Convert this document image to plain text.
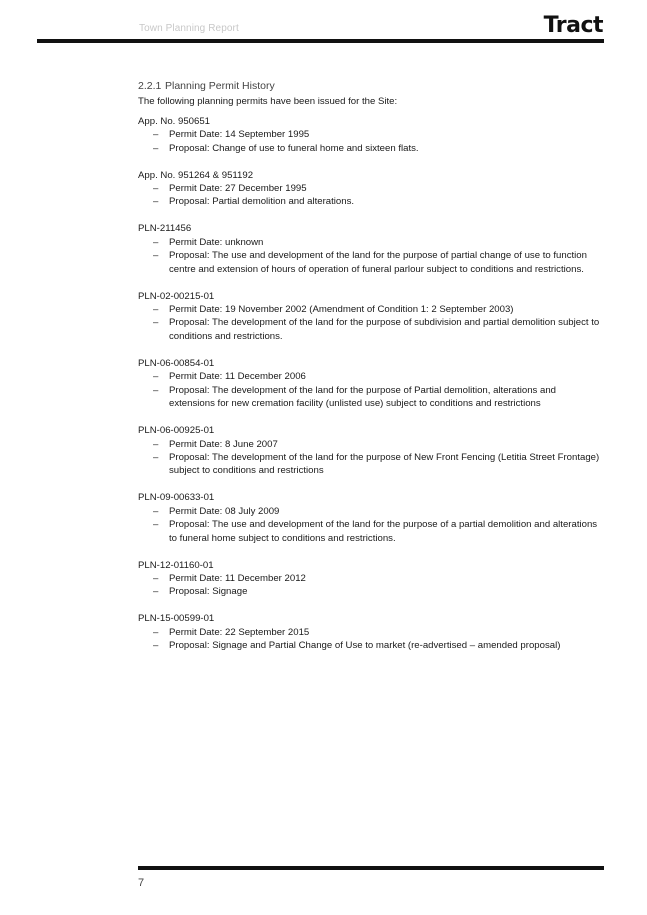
Town Planning Report	Tract
2.2.1 Planning Permit History
The following planning permits have been issued for the Site:
App. No. 950651
– Permit Date: 14 September 1995
– Proposal: Change of use to funeral home and sixteen flats.
App. No. 951264 & 951192
– Permit Date: 27 December 1995
– Proposal: Partial demolition and alterations.
PLN-211456
– Permit Date: unknown
– Proposal: The use and development of the land for the purpose of partial change of use to function centre and extension of hours of operation of funeral parlour subject to conditions and restrictions.
PLN-02-00215-01
– Permit Date: 19 November 2002 (Amendment of Condition 1: 2 September 2003)
– Proposal: The development of the land for the purpose of subdivision and partial demolition subject to conditions and restrictions.
PLN-06-00854-01
– Permit Date: 11 December 2006
– Proposal: The development of the land for the purpose of Partial demolition, alterations and extensions for new cremation facility (unlisted use) subject to conditions and restrictions
PLN-06-00925-01
– Permit Date: 8 June 2007
– Proposal: The development of the land for the purpose of New Front Fencing (Letitia Street Frontage) subject to conditions and restrictions
PLN-09-00633-01
– Permit Date: 08 July 2009
– Proposal: The use and development of the land for the purpose of a partial demolition and alterations to funeral home subject to conditions and restrictions.
PLN-12-01160-01
– Permit Date: 11 December 2012
– Proposal: Signage
PLN-15-00599-01
– Permit Date: 22 September 2015
– Proposal: Signage and Partial Change of Use to market (re-advertised – amended proposal)
7
